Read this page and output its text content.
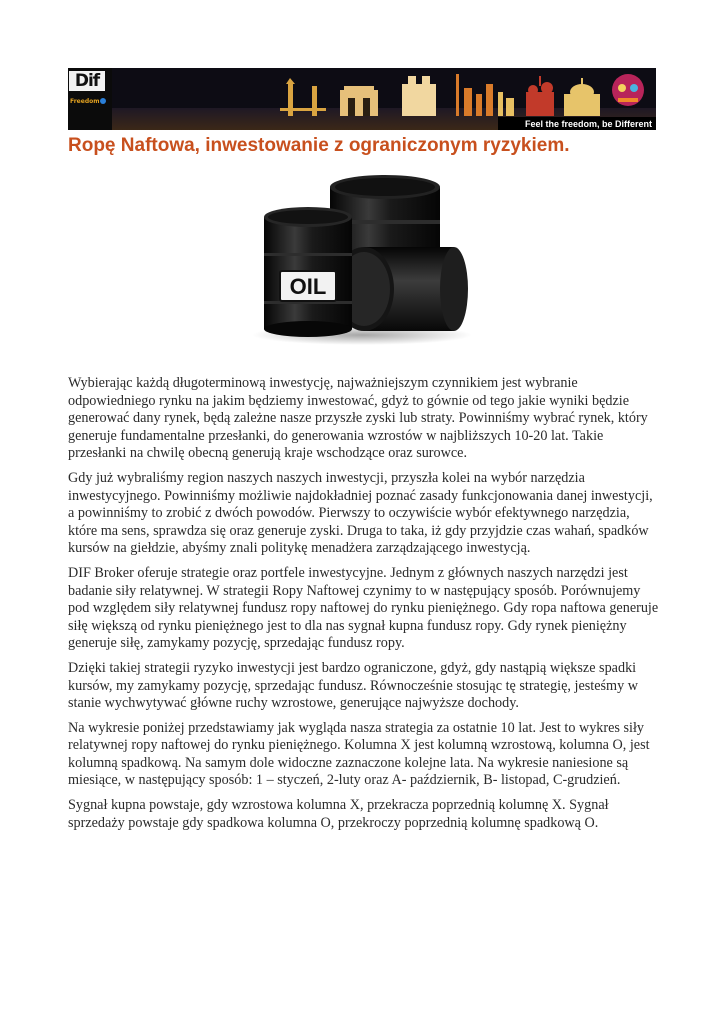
Dif
Freedom
Feel the freedom, be Different
Ropę Naftowa, inwestowanie z ograniczonym ryzykiem.
OIL

Wybierając każdą długoterminową inwestycję, najważniejszym czynnikiem jest wybranie odpowiedniego rynku na jakim będziemy inwestować, gdyż to gównie od tego jakie wyniki będzie generować dany rynek, będą zależne nasze przyszłe zyski lub straty. Powinniśmy wybrać rynek, który generuje fundamentalne przesłanki, do generowania wzrostów w najbliższych 10-20 lat. Takie przesłanki na chwilę obecną generują kraje wschodzące oraz surowce.

Gdy już wybraliśmy region naszych naszych inwestycji, przyszła kolei na wybór narzędzia inwestycyjnego. Powinniśmy możliwie najdokładniej poznać zasady funkcjonowania danej inwestycji, a powinniśmy to zrobić z dwóch powodów. Pierwszy to oczywiście wybór efektywnego narzędzia, które ma sens, sprawdza się oraz generuje zyski. Druga to taka, iż gdy przyjdzie czas wahań, spadków kursów na giełdzie, abyśmy znali politykę menadżera zarządzającego inwestycją.

DIF Broker oferuje strategie oraz portfele inwestycyjne. Jednym z głównych naszych narzędzi jest badanie siły relatywnej. W strategii Ropy Naftowej czynimy to w następujący sposób. Porównujemy pod względem siły relatywnej fundusz ropy naftowej do rynku pieniężnego. Gdy ropa naftowa generuje siłę większą od rynku pieniężnego jest to dla nas sygnał kupna fundusz ropy. Gdy rynek pieniężny generuje siłę, zamykamy pozycję, sprzedając fundusz ropy.

Dzięki takiej strategii ryzyko inwestycji jest bardzo ograniczone, gdyż, gdy nastąpią większe spadki kursów, my zamykamy pozycję, sprzedając fundusz. Równocześnie stosując tę strategię, jesteśmy w stanie wychwytywać główne ruchy wzrostowe, generujące najwyższe dochody.

Na wykresie poniżej przedstawiamy jak wygląda nasza strategia za ostatnie 10 lat. Jest to wykres siły relatywnej ropy naftowej do rynku pieniężnego. Kolumna X jest kolumną wzrostową, kolumna O, jest kolumną spadkową. Na samym dole widoczne zaznaczone kolejne lata. Na wykresie naniesione są miesiące, w następujący sposób: 1 – styczeń, 2-luty oraz A- październik, B- listopad, C-grudzień.

Sygnał kupna powstaje, gdy wzrostowa kolumna X, przekracza poprzednią kolumnę X. Sygnał sprzedaży powstaje gdy spadkowa kolumna O, przekroczy poprzednią kolumnę spadkową O.
